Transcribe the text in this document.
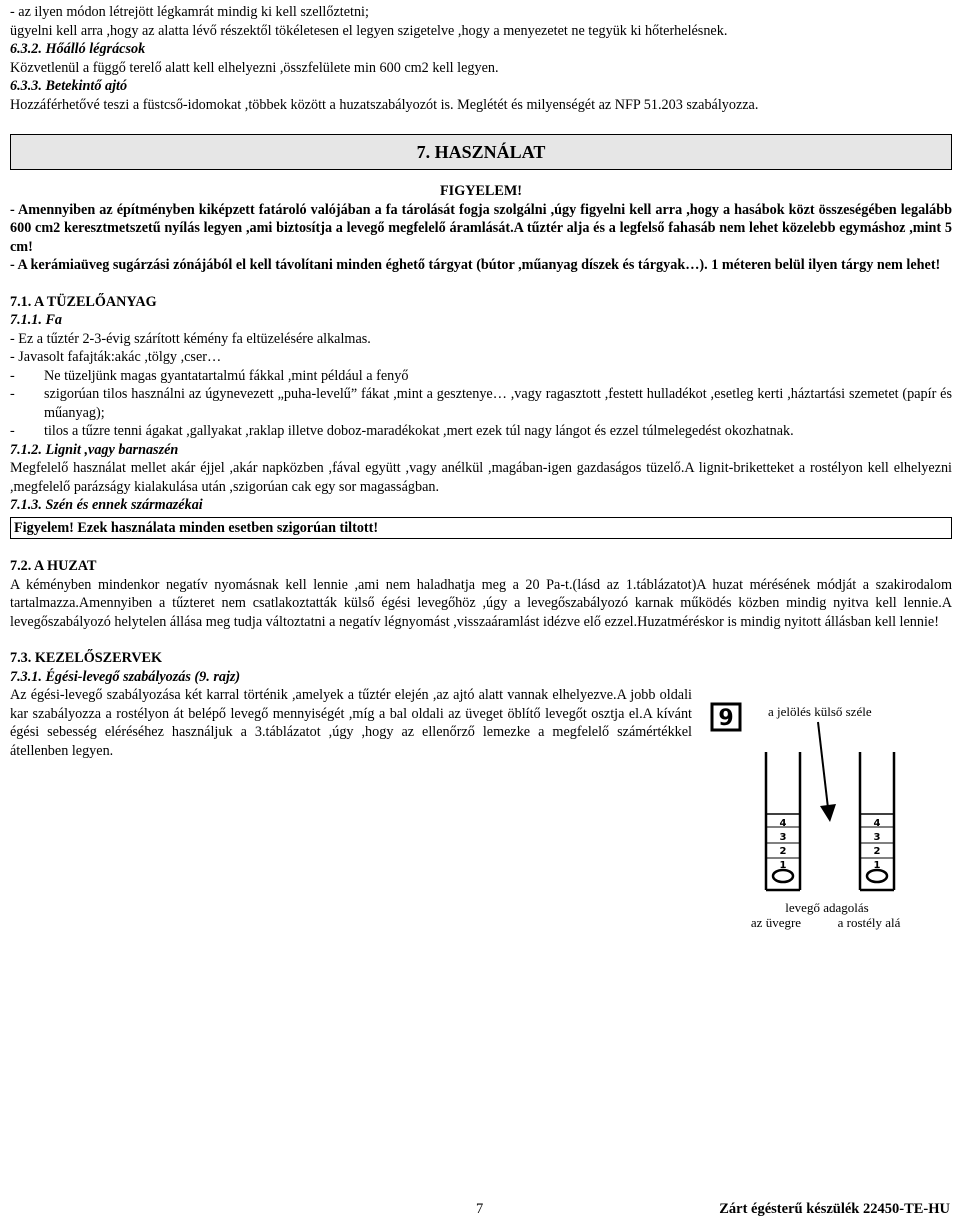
- az ilyen módon létrejött légkamrát mindig ki kell szellőztetni;
ügyelni kell arra ,hogy az alatta lévő részektől tökéletesen el legyen szigetelve ,hogy a menyezetet ne tegyük ki hőterhelésnek.
6.3.2. Hőálló légrácsok
Közvetlenül a függő terelő alatt kell elhelyezni ,összfelülete min 600 cm2 kell legyen.
6.3.3. Betekintő ajtó
Hozzáférhetővé teszi a füstcső-idomokat ,többek között a huzatszabályozót is. Meglétét és milyenségét az NFP 51.203 szabályozza.
7. HASZNÁLAT
FIGYELEM!
- Amennyiben az építményben kiképzett fatároló valójában a fa tárolását fogja szolgálni ,úgy figyelni kell arra ,hogy a hasábok közt összeségében legalább 600 cm2 keresztmetszetű nyílás legyen ,ami biztosítja a levegő megfelelő áramlását.A tűztér alja és a legfelső fahasáb nem lehet közelebb egymáshoz ,mint 5 cm!
- A kerámiaüveg sugárzási zónájából el kell távolítani minden éghető tárgyat (bútor ,műanyag díszek és tárgyak…). 1 méteren belül ilyen tárgy nem lehet!
7.1. A TÜZELŐANYAG
7.1.1. Fa
- Ez a tűztér 2-3-évig szárított kémény fa eltüzelésére alkalmas.
- Javasolt fafajták:akác ,tölgy ,cser…
-	Ne tüzeljünk magas gyantatartalmú fákkal ,mint például a fenyő
-	szigorúan tilos használni az úgynevezett „puha-levelű” fákat ,mint a gesztenye… ,vagy ragasztott ,festett hulladékot ,esetleg kerti ,háztartási szemetet (papír és műanyag);
-	tilos a tűzre tenni ágakat ,gallyakat ,raklap illetve doboz-maradékokat ,mert ezek túl nagy lángot és ezzel túlmelegedést okozhatnak.
7.1.2. Lignit ,vagy barnaszén
Megfelelő használat mellet akár éjjel ,akár napközben ,fával együtt ,vagy anélkül ,magában-igen gazdaságos tüzelő.A lignit-briketteket a rostélyon kell elhelyezni ,megfelelő parázságy kialakulása után ,szigorúan cak egy sor magasságban.
7.1.3. Szén és ennek származékai
Figyelem! Ezek használata minden esetben szigorúan tiltott!
7.2. A HUZAT
A kéményben mindenkor negatív nyomásnak kell lennie ,ami nem haladhatja meg a 20 Pa-t.(lásd az 1.táblázatot)A huzat mérésének módját a szakirodalom tartalmazza.Amennyiben a tűzteret nem csatlakoztatták külső égési levegőhöz ,úgy a levegőszabályozó karnak működés közben mindig nyitva kell lennie.A levegőszabályozó helytelen állása meg tudja változtatni a negatív légnyomást ,visszaáramlást idézve elő ezzel.Huzatméréskor is mindig nyitott állásban kell lennie!
7.3. KEZELŐSZERVEK
7.3.1. Égési-levegő szabályozás (9. rajz)
Az égési-levegő szabályozása két karral történik ,amelyek a tűztér elején ,az ajtó alatt vannak elhelyezve.A jobb oldali kar szabályozza a rostélyon át belépő levegő mennyiségét ,míg a bal oldali az üveget öblítő levegőt osztja el.A kívánt égési sebesség eléréséhez használjuk a 3.táblázatot ,úgy ,hogy az ellenőrző lemezke a megfelelő számértékkel átellenben legyen.
9	a jelölés külső széle
4
3
2
1
4
3
2
1
levegő adagolás
az üvegre	a rostély alá
7	Zárt égésterű készülék 22450-TE-HU
